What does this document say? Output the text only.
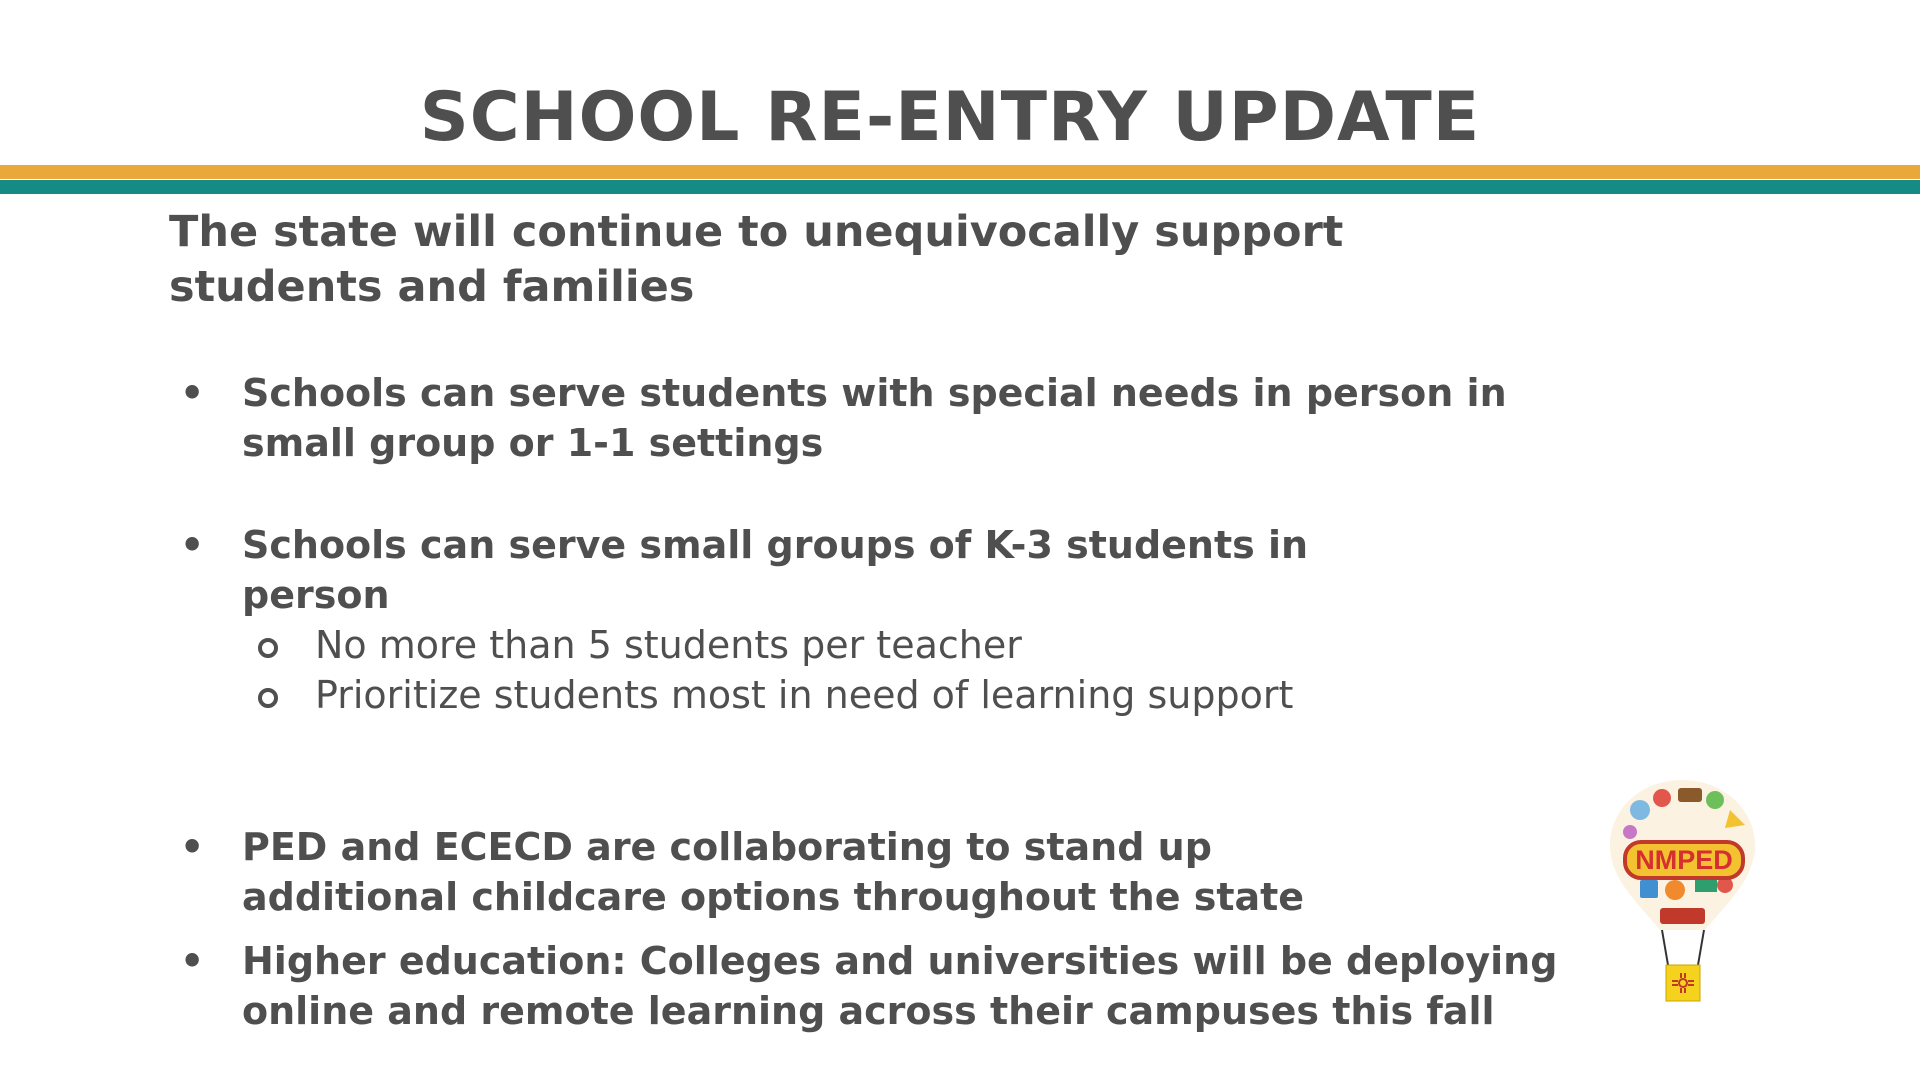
SCHOOL RE-ENTRY UPDATE

The state will continue to unequivocally support students and families

• Schools can serve students with special needs in person in small group or 1-1 settings
• Schools can serve small groups of K-3 students in person
No more than 5 students per teacher
Prioritize students most in need of learning support
• PED and ECECD are collaborating to stand up additional childcare options throughout the state
• Higher education: Colleges and universities will be deploying online and remote learning across their campuses this fall
NMPED
